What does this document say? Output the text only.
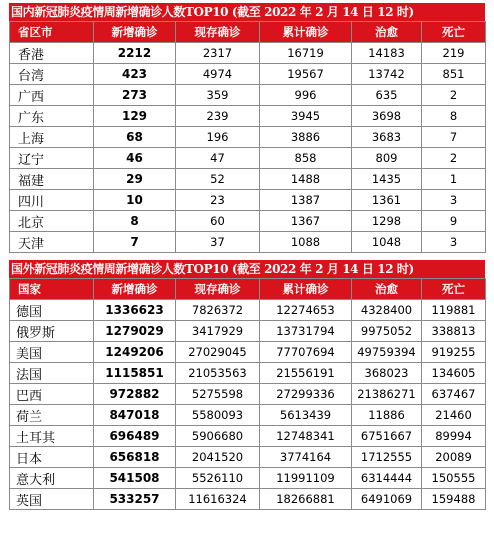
国内新冠肺炎疫情周新增确诊人数TOP10 (截至 2022 年 2 月 14 日 12 时)
省区市	新增确诊	现存确诊	累计确诊	治愈	死亡
香港	2212	2317	16719	14183	219
台湾	423	4974	19567	13742	851
广西	273	359	996	635	2
广东	129	239	3945	3698	8
上海	68	196	3886	3683	7
辽宁	46	47	858	809	2
福建	29	52	1488	1435	1
四川	10	23	1387	1361	3
北京	8	60	1367	1298	9
天津	7	37	1088	1048	3
国外新冠肺炎疫情周新增确诊人数TOP10 (截至 2022 年 2 月 14 日 12 时)
国家	新增确诊	现存确诊	累计确诊	治愈	死亡
德国	1336623	7826372	12274653	4328400	119881
俄罗斯	1279029	3417929	13731794	9975052	338813
美国	1249206	27029045	77707694	49759394	919255
法国	1115851	21053563	21556191	368023	134605
巴西	972882	5275598	27299336	21386271	637467
荷兰	847018	5580093	5613439	11886	21460
土耳其	696489	5906680	12748341	6751667	89994
日本	656818	2041520	3774164	1712555	20089
意大利	541508	5526110	11991109	6314444	150555
英国	533257	11616324	18266881	6491069	159488
